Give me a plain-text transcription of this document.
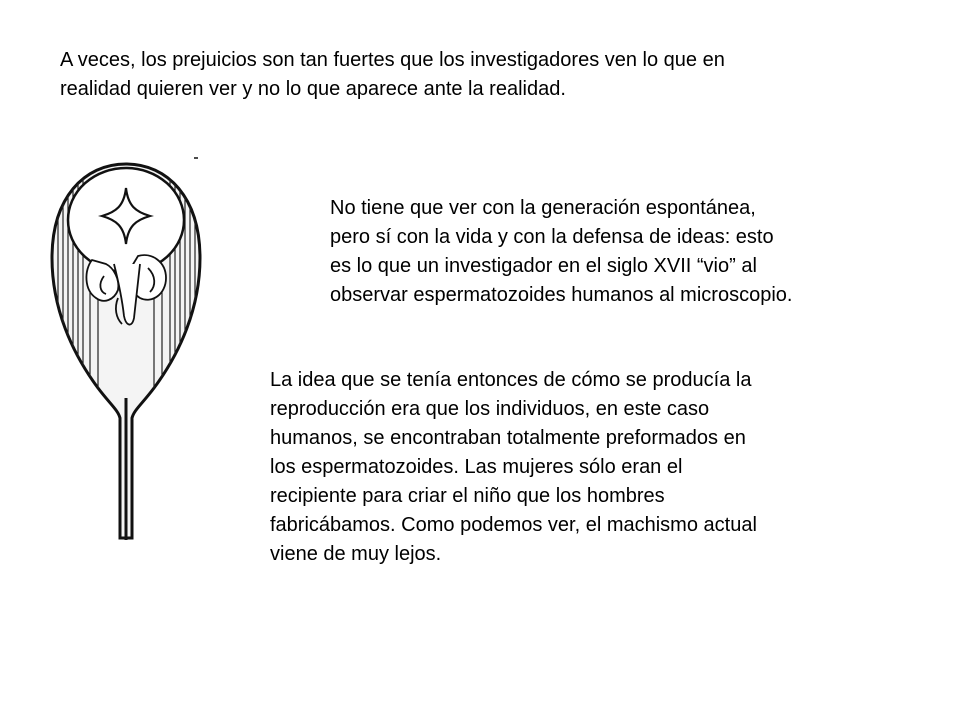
A veces, los prejuicios son tan fuertes que los investigadores ven lo que en
realidad quieren ver y no lo que aparece ante la realidad.

No tiene que ver con la generación espontánea,
pero sí con la vida y con la defensa de ideas: esto
es lo que un investigador en el siglo XVII “vio” al
observar espermatozoides humanos al microscopio.

La idea que se tenía entonces de cómo se producía la
reproducción era que los individuos, en este caso
humanos, se encontraban totalmente preformados en
los espermatozoides. Las mujeres sólo eran el
recipiente para criar el niño que los hombres
fabricábamos. Como podemos ver, el machismo actual
viene de muy lejos.
